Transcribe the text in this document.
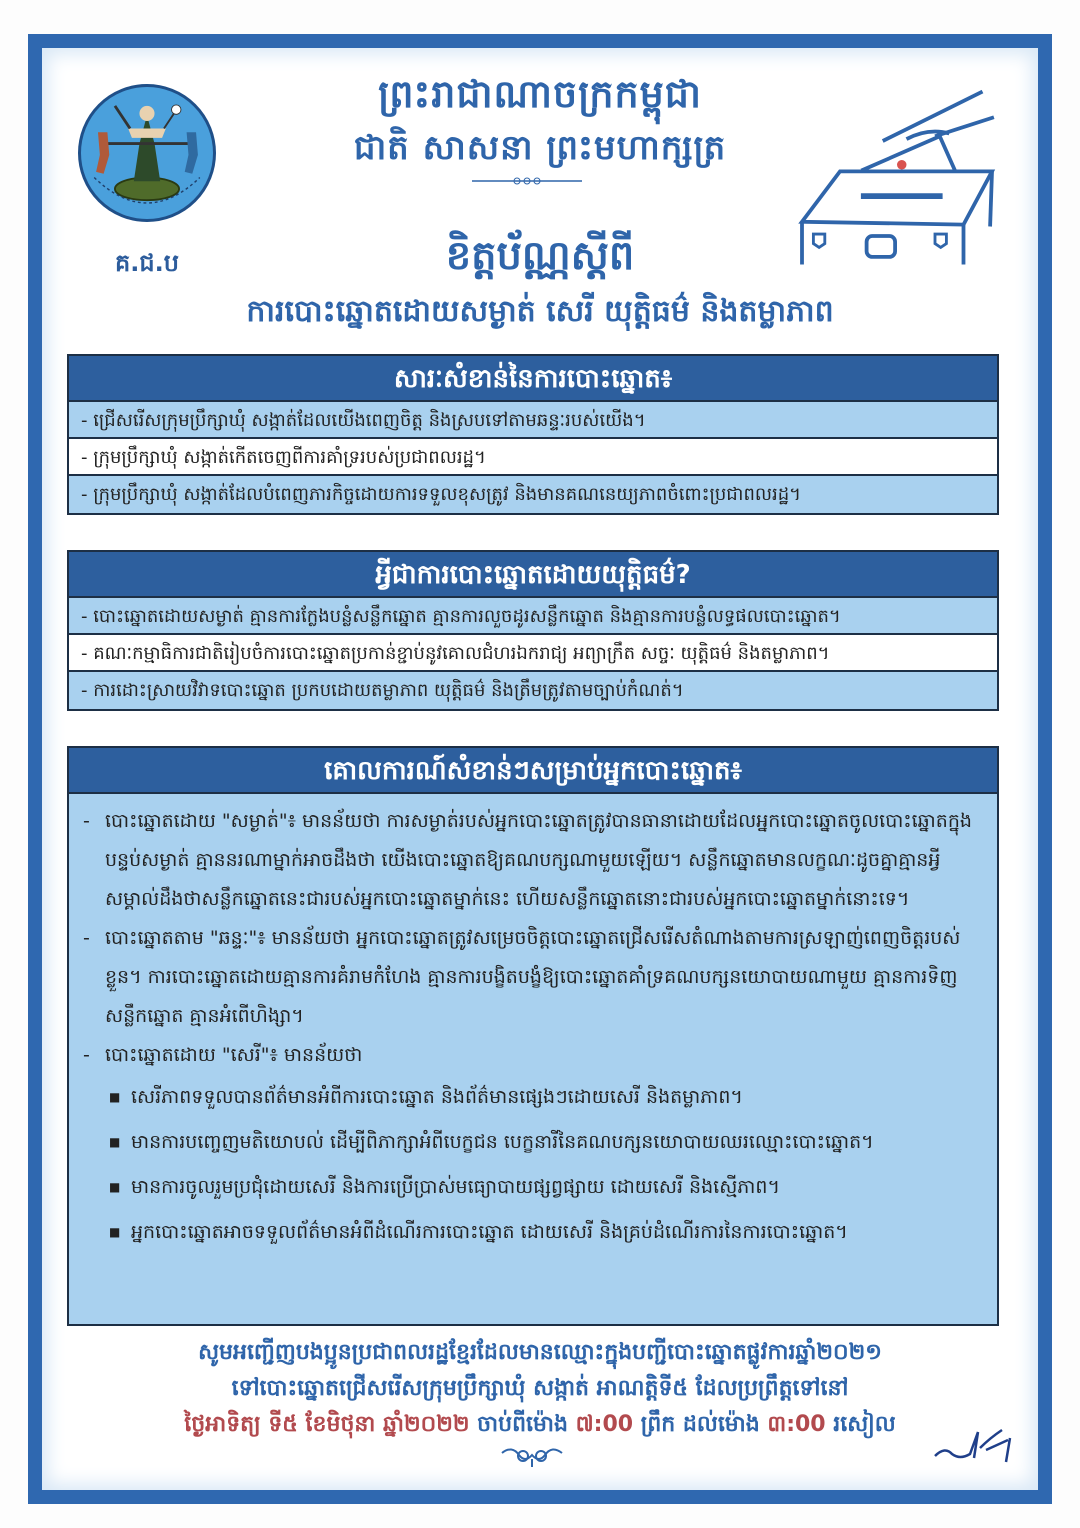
គ.ជ.ប
ព្រះរាជាណាចក្រកម្ពុជា
ជាតិ សាសនា ព្រះមហាក្សត្រ
ខិត្តប័ណ្ណស្តីពី
ការបោះឆ្នោតដោយសម្ងាត់ សេរី យុត្តិធម៌ និងតម្លាភាព
សារៈសំខាន់នៃការបោះឆ្នោត៖
- ជ្រើសរើសក្រុមប្រឹក្សាឃុំ សង្កាត់ដែលយើងពេញចិត្ត និងស្របទៅតាមឆន្ទៈរបស់យើង។
- ក្រុមប្រឹក្សាឃុំ សង្កាត់កើតចេញពីការគាំទ្ររបស់ប្រជាពលរដ្ឋ។
- ក្រុមប្រឹក្សាឃុំ សង្កាត់ដែលបំពេញភារកិច្ចដោយការទទួលខុសត្រូវ និងមានគណនេយ្យភាពចំពោះប្រជាពលរដ្ឋ។
អ្វីជាការបោះឆ្នោតដោយយុត្តិធម៌?
- បោះឆ្នោតដោយសម្ងាត់ គ្មានការក្លែងបន្លំសន្លឹកឆ្នោត គ្មានការលួចដូរសន្លឹកឆ្នោត និងគ្មានការបន្លំលទ្ធផលបោះឆ្នោត។
- គណៈកម្មាធិការជាតិរៀបចំការបោះឆ្នោតប្រកាន់ខ្ជាប់នូវគោលជំហរឯករាជ្យ អព្យាក្រឹត សច្ចៈ យុត្តិធម៌ និងតម្លាភាព។
- ការដោះស្រាយវិវាទបោះឆ្នោត ប្រកបដោយតម្លាភាព យុត្តិធម៌ និងត្រឹមត្រូវតាមច្បាប់កំណត់។
គោលការណ៍សំខាន់ៗសម្រាប់អ្នកបោះឆ្នោត៖
- បោះឆ្នោតដោយ "សម្ងាត់"៖ មានន័យថា ការសម្ងាត់របស់អ្នកបោះឆ្នោតត្រូវបានធានាដោយដែលអ្នកបោះឆ្នោតចូលបោះឆ្នោតក្នុងបន្ទប់សម្ងាត់ គ្មាននរណាម្នាក់អាចដឹងថា យើងបោះឆ្នោតឱ្យគណបក្សណាមួយឡើយ។ សន្លឹកឆ្នោតមានលក្ខណៈដូចគ្នាគ្មានអ្វីសម្គាល់ដឹងថាសន្លឹកឆ្នោតនេះជារបស់អ្នកបោះឆ្នោតម្នាក់នេះ ហើយសន្លឹកឆ្នោតនោះជារបស់អ្នកបោះឆ្នោតម្នាក់នោះទេ។
- បោះឆ្នោតតាម "ឆន្ទៈ"៖ មានន័យថា អ្នកបោះឆ្នោតត្រូវសម្រេចចិត្តបោះឆ្នោតជ្រើសរើសតំណាងតាមការស្រឡាញ់ពេញចិត្តរបស់ខ្លួន។ ការបោះឆ្នោតដោយគ្មានការគំរាមកំហែង គ្មានការបង្ខិតបង្ខំឱ្យបោះឆ្នោតគាំទ្រគណបក្សនយោបាយណាមួយ គ្មានការទិញសន្លឹកឆ្នោត គ្មានអំពើហិង្សា។
- បោះឆ្នោតដោយ "សេរី"៖ មានន័យថា
■ សេរីភាពទទួលបានព័ត៌មានអំពីការបោះឆ្នោត និងព័ត៌មានផ្សេងៗដោយសេរី និងតម្លាភាព។
■ មានការបញ្ចេញមតិយោបល់ ដើម្បីពិភាក្សាអំពីបេក្ខជន បេក្ខនារីនៃគណបក្សនយោបាយឈរឈ្មោះបោះឆ្នោត។
■ មានការចូលរួមប្រជុំដោយសេរី និងការប្រើប្រាស់មធ្យោបាយផ្សព្វផ្សាយ ដោយសេរី និងស្មើភាព។
■ អ្នកបោះឆ្នោតអាចទទួលព័ត៌មានអំពីដំណើរការបោះឆ្នោត ដោយសេរី និងគ្រប់ដំណើរការនៃការបោះឆ្នោត។
សូមអញ្ជើញបងប្អូនប្រជាពលរដ្ឋខ្មែរដែលមានឈ្មោះក្នុងបញ្ជីបោះឆ្នោតផ្លូវការឆ្នាំ២០២១
ទៅបោះឆ្នោតជ្រើសរើសក្រុមប្រឹក្សាឃុំ សង្កាត់ អាណត្តិទី៥ ដែលប្រព្រឹត្តទៅនៅ
ថ្ងៃអាទិត្យ ទី៥ ខែមិថុនា ឆ្នាំ២០២២ ចាប់ពីម៉ោង ៧:00 ព្រឹក ដល់ម៉ោង ៣:00 រសៀល
